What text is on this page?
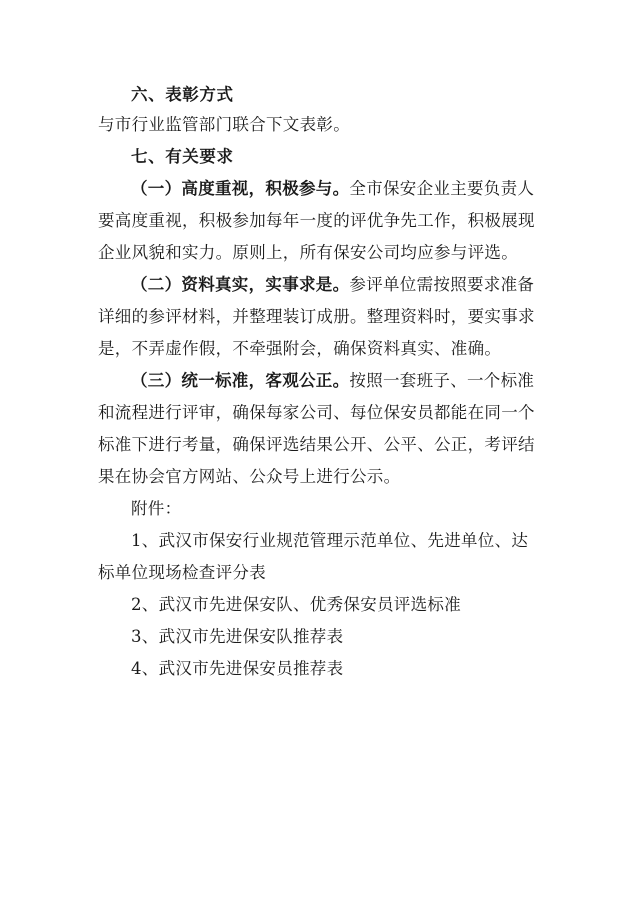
六、表彰方式
与市行业监管部门联合下文表彰。
七、有关要求
（一）高度重视，积极参与。全市保安企业主要负责人
要高度重视，积极参加每年一度的评优争先工作，积极展现
企业风貌和实力。原则上，所有保安公司均应参与评选。
（二）资料真实，实事求是。参评单位需按照要求准备
详细的参评材料，并整理装订成册。整理资料时，要实事求
是，不弄虚作假，不牵强附会，确保资料真实、准确。
（三）统一标准，客观公正。按照一套班子、一个标准
和流程进行评审，确保每家公司、每位保安员都能在同一个
标准下进行考量，确保评选结果公开、公平、公正，考评结
果在协会官方网站、公众号上进行公示。
附件：
1、武汉市保安行业规范管理示范单位、先进单位、达
标单位现场检查评分表
2、武汉市先进保安队、优秀保安员评选标准
3、武汉市先进保安队推荐表
4、武汉市先进保安员推荐表
